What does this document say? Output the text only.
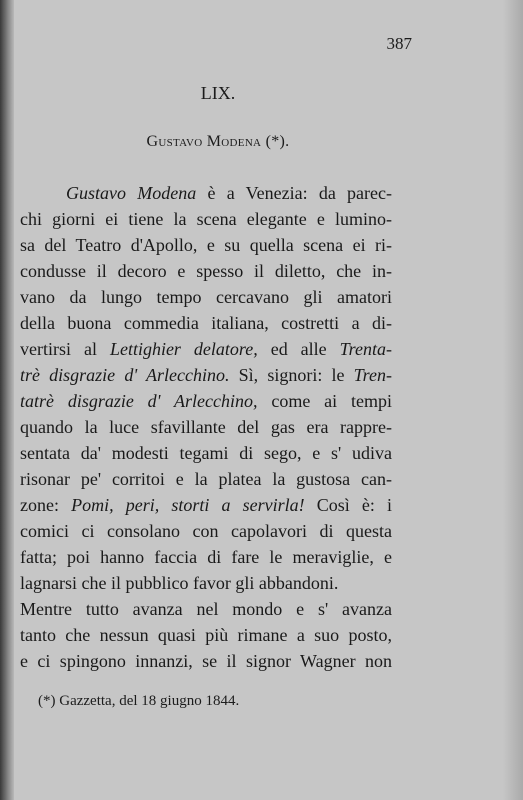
387
LIX.
Gustavo Modena (*).
Gustavo Modena è a Venezia: da parec-
chi giorni ei tiene la scena elegante e lumino-
sa del Teatro d'Apollo, e su quella scena ei ri-
condusse il decoro e spesso il diletto, che in-
vano da lungo tempo cercavano gli amatori
della buona commedia italiana, costretti a di-
vertirsi al Lettighier delatore, ed alle Trenta-
trè disgrazie d' Arlecchino. Sì, signori: le Tren-
tatrè disgrazie d' Arlecchino, come ai tempi
quando la luce sfavillante del gas era rappre-
sentata da' modesti tegami di sego, e s' udiva
risonar pe' corritoi e la platea la gustosa can-
zone: Pomi, peri, storti a servirla! Così è: i
comici ci consolano con capolavori di questa
fatta; poi hanno faccia di fare le meraviglie, e
lagnarsi che il pubblico favor gli abbandoni.
Mentre tutto avanza nel mondo e s' avanza
tanto che nessun quasi più rimane a suo posto,
e ci spingono innanzi, se il signor Wagner non
(*) Gazzetta, del 18 giugno 1844.
